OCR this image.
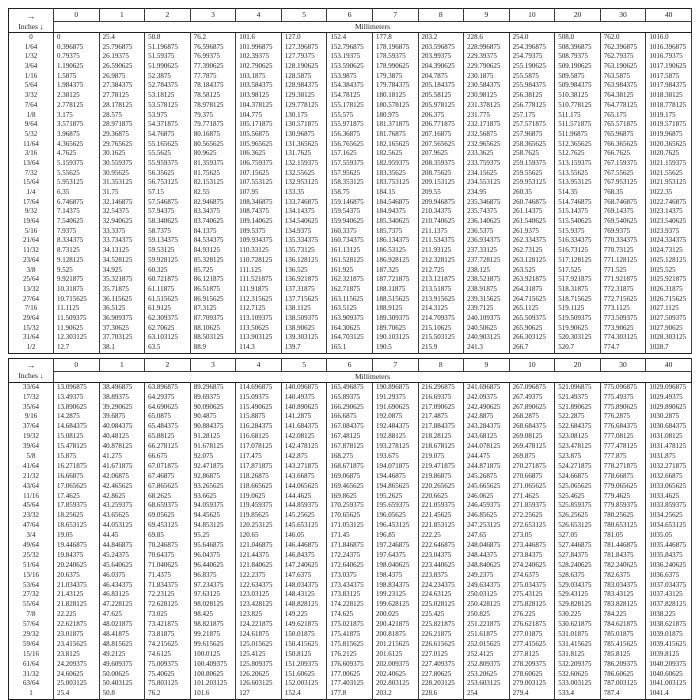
→
Inches ↓	0	1	2	3	4	5	6	7	8	9	10	20	30	40
	Millimeters													
0	0	25.4	50.8	76.2	101.6	127.0	152.4	177.8	203.2	228.6	254.0	508.0	762.0	1016.0
1/64	0.396875	25.796875	51.196875	76.596875	101.996875	127.396875	152.796875	178.196875	203.596875	228.996875	254.396875	508.396875	762.396875	1016.396875
1/32	0.79375	26.19375	51.59375	76.99375	102.39375	127.79375	153.19375	178.59375	203.99375	229.39375	254.79375	508.79375	762.79375	1016.79375
3/64	1.190625	26.590625	51.990625	77.390625	102.790625	128.190625	153.590625	178.990625	204.390625	229.790625	255.190625	509.190625	763.190625	1017.190625
1/16	1.5875	26.9875	52.3875	77.7875	103.1875	128.5875	153.9875	179.3875	204.7875	230.1875	255.5875	509.5875	763.5875	1017.5875
5/64	1.984375	27.384375	52.784375	78.184375	103.584375	128.984375	154.384375	179.784375	205.184375	230.584375	255.984375	509.984375	763.984375	1017.984375
3/32	2.38125	27.78125	53.18125	78.58125	103.98125	129.38125	154.78125	180.18125	205.58125	230.98125	256.38125	510.38125	764.38125	1018.38125
7/64	2.778125	28.178125	53.578125	78.978125	104.378125	129.778125	155.178125	180.578125	205.978125	231.378125	256.778125	510.778125	764.778125	1018.778125
1/8	3.175	28.575	53.975	79.375	104.775	130.175	155.575	180.975	206.375	231.775	257.175	511.175	765.175	1019.175
9/64	3.571875	28.971875	54.371875	79.771875	105.171875	130.571875	155.971875	181.371875	206.771875	232.171875	257.571875	511.571875	765.571875	1019.571875
5/32	3.96875	29.36875	54.76875	80.16875	105.56875	130.96875	156.36875	181.76875	207.16875	232.56875	257.96875	511.96875	765.96875	1019.96875
11/64	4.365625	29.765625	55.165625	80.565625	105.965625	131.365625	156.765625	182.165625	207.565625	232.965625	258.365625	512.365625	766.365625	1020.365625
3/16	4.7625	30.1625	55.5625	80.9625	106.3625	131.7625	157.1625	182.5625	207.9625	233.3625	258.7625	512.7625	766.7625	1020.7625
13/64	5.159375	30.559375	55.959375	81.359375	106.759375	132.159375	157.559375	182.959375	208.359375	233.759375	259.159375	513.159375	767.159375	1021.159375
7/32	5.55625	30.95625	56.35625	81.75625	107.15625	132.55625	157.95625	183.35625	208.75625	234.15625	259.55625	513.55625	767.55625	1021.55625
15/64	5.953125	31.353125	56.753125	82.153125	107.553125	132.953125	158.353125	183.753125	209.153125	234.553125	259.953125	513.953125	767.953125	1021.953125
1/4	6.35	31.75	57.15	82.55	107.95	133.35	158.75	184.15	209.55	234.95	260.35	514.35	768.35	1022.35
17/64	6.746875	32.146875	57.546875	82.946875	108.346875	133.746875	159.146875	184.546875	209.946875	235.346875	260.746875	514.746875	768.746875	1022.746875
9/32	7.14375	32.54375	57.94375	83.34375	108.74375	134.14375	159.54375	184.94375	210.34375	235.74375	261.14375	515.14375	769.14375	1023.14375
19/64	7.540625	32.940625	58.340625	83.740625	109.140625	134.540625	159.940625	185.340625	210.740625	236.140625	261.540625	515.540625	769.540625	1023.540625
5/16	7.9375	33.3375	58.7375	84.1375	109.5375	134.9375	160.3375	185.7375	211.1375	236.5375	261.9375	515.9375	769.9375	1023.9375
21/64	8.334375	33.734375	59.134375	84.534375	109.934375	135.334375	160.734375	186.134375	211.534375	236.934375	262.334375	516.334375	770.334375	1024.334375
11/32	8.73125	34.13125	59.53125	84.93125	110.33125	135.73125	161.13125	186.53125	211.93125	237.33125	262.73125	516.73125	770.73125	1024.73125
23/64	9.128125	34.528125	59.928125	85.328125	110.728125	136.128125	161.528125	186.928125	212.328125	237.728125	263.128125	517.128125	771.128125	1025.128125
3/8	9.525	34.925	60.325	85.725	111.125	136.525	161.925	187.325	212.725	238.125	263.525	517.525	771.525	1025.525
25/64	9.921875	35.321875	60.721875	86.121875	111.521875	136.921875	162.321875	187.721875	213.121875	238.521875	263.921875	517.921875	771.921875	1025.921875
13/32	10.31875	35.71875	61.11875	86.51875	111.91875	137.31875	162.71875	188.11875	213.51875	238.91875	264.31875	518.31875	772.31875	1026.31875
27/64	10.715625	36.115625	61.515625	86.915625	112.315625	137.715625	163.115625	188.515625	213.915625	239.315625	264.715625	518.715625	772.715625	1026.715625
7/16	11.1125	36.5125	61.9125	87.3125	112.7125	138.1125	163.5125	188.9125	214.3125	239.7125	265.1125	519.1125	773.1125	1027.1125
29/64	11.509375	36.909375	62.309375	87.709375	113.109375	138.509375	163.909375	189.309375	214.709375	240.109375	265.509375	519.509375	773.509375	1027.509375
15/32	11.90625	37.30625	62.70625	88.10625	113.50625	138.90625	164.30625	189.70625	215.10625	240.50625	265.90625	519.90625	773.90625	1027.90625
31/64	12.303125	37.703125	63.103125	88.503125	113.903125	139.303125	164.703125	190.103125	215.503125	240.903125	266.303125	520.303125	774.303125	1028.303125
1/2	12.7	38.1	63.5	88.9	114.3	139.7	165.1	190.5	215.9	241.3	266.7	520.7	774.7	1028.7
→
Inches ↓	0	1	2	3	4	5	6	7	8	9	10	20	30	40
	Millimeters													
33/64	13.096875	38.496875	63.896875	89.296875	114.696875	140.096875	165.496875	190.896875	216.296875	241.696875	267.096875	521.096875	775.096875	1029.096875
17/32	13.49375	38.89375	64.29375	89.69375	115.09375	140.49375	165.89375	191.29375	216.69375	242.09375	267.49375	521.49375	775.49375	1029.49375
35/64	13.890625	39.290625	64.690625	90.090625	115.490625	140.890625	166.290625	191.690625	217.090625	242.490625	267.890625	521.890625	775.890625	1029.890625
9/16	14.2875	39.6875	65.0875	90.4875	115.8875	141.2875	166.6875	192.0875	217.4875	242.8875	268.2875	522.2875	776.2875	1030.2875
37/64	14.684375	40.084375	65.484375	90.884375	116.284375	141.684375	167.084375	192.484375	217.884375	243.284375	268.684375	522.684375	776.684375	1030.684375
19/32	15.08125	40.48125	65.88125	91.28125	116.68125	142.08125	167.48125	192.88125	218.28125	243.68125	269.08125	523.08125	777.08125	1031.08125
39/64	15.478125	40.878125	66.278125	91.678125	117.078125	142.478125	167.878125	193.278125	218.678125	244.078125	269.478125	523.478125	777.478125	1031.478125
5/8	15.875	41.275	66.675	92.075	117.475	142.875	168.275	193.675	219.075	244.475	269.875	523.875	777.875	1031.875
41/64	16.271875	41.671875	67.071875	92.471875	117.871875	143.271875	168.671875	194.071875	219.471875	244.871875	270.271875	524.271875	778.271875	1032.271875
21/32	16.66875	42.06875	67.46875	92.86875	118.26875	143.66875	169.06875	194.46875	219.86875	245.26875	270.66875	524.66875	778.66875	1032.66875
43/64	17.065625	42.465625	67.865625	93.265625	118.665625	144.065625	169.465625	194.865625	220.265625	245.665625	271.065625	525.065625	779.065625	1033.065625
11/16	17.4625	42.8625	68.2625	93.6625	119.0625	144.4625	169.8625	195.2625	220.6625	246.0625	271.4625	525.4625	779.4625	1033.4625
45/64	17.859375	43.259375	68.659375	94.059375	119.459375	144.859375	170.259375	195.659375	221.059375	246.459375	271.859375	525.859375	779.859375	1033.859375
23/32	18.25625	43.65625	69.05625	94.45625	119.85625	145.25625	170.65625	196.05625	221.45625	246.85625	272.25625	526.25625	780.25625	1034.25625
47/64	18.653125	44.053125	69.453125	94.853125	120.253125	145.653125	171.053125	196.453125	221.853125	247.253125	272.653125	526.653125	780.653125	1034.653125
3/4	19.05	44.45	69.85	95.25	120.65	146.05	171.45	196.85	222.25	247.65	273.05	527.05	781.05	1035.05
49/64	19.446875	44.846875	70.246875	95.646875	121.046875	146.446875	171.846875	197.246875	222.646875	248.046875	273.446875	527.446875	781.446875	1035.446875
25/32	19.84375	45.24375	70.64375	96.04375	121.44375	146.84375	172.24375	197.64375	223.04375	248.44375	273.84375	527.84375	781.84375	1035.84375
51/64	20.240625	45.640625	71.040625	96.440625	121.840625	147.240625	172.640625	198.040625	223.440625	248.840625	274.240625	528.240625	782.240625	1036.240625
13/16	20.6375	46.0375	71.4375	96.8375	122.2375	147.6375	173.0375	198.4375	223.8375	249.2375	274.6375	528.6375	782.6375	1036.6375
53/64	21.034375	46.434375	71.834375	97.234375	122.634375	148.034375	173.434375	198.834375	224.234375	249.634375	275.034375	529.034375	783.034375	1037.034375
27/32	21.43125	46.83125	72.23125	97.63125	123.03125	148.43125	173.83125	199.23125	224.63125	250.03125	275.43125	529.43125	783.43125	1037.43125
55/64	21.828125	47.228125	72.628125	98.028125	123.428125	148.828125	174.228125	199.628125	225.028125	250.428125	275.828125	529.828125	783.828125	1037.828125
7/8	22.225	47.625	73.025	98.425	123.825	149.225	174.625	200.025	225.425	250.825	276.225	530.225	784.225	1038.225
57/64	22.621875	48.021875	73.421875	98.821875	124.221875	149.621875	175.021875	200.421875	225.821875	251.221875	276.621875	530.621875	784.621875	1038.621875
29/32	23.01875	48.41875	73.81875	99.21875	124.61875	150.01875	175.41875	200.81875	226.21875	251.61875	277.01875	531.01875	785.01875	1039.01875
59/64	23.415625	48.815625	74.215625	99.615625	125.015625	150.415625	175.815625	201.215625	226.615625	252.015625	277.415625	531.415625	785.415625	1039.415625
15/16	23.8125	49.2125	74.6125	100.0125	125.4125	150.8125	176.2125	201.6125	227.0125	252.4125	277.8125	531.8125	785.8125	1039.8125
61/64	24.209375	49.609375	75.009375	100.409375	125.809375	151.209375	176.609375	202.009375	227.409375	252.809375	278.209375	532.209375	786.209375	1040.209375
31/32	24.60625	50.00625	75.40625	100.80625	126.20625	151.60625	177.00625	202.40625	227.80625	253.20625	278.60625	532.60625	786.60625	1040.60625
63/64	25.003125	50.403125	75.803125	101.203125	126.603125	152.003125	177.403125	202.803125	228.203125	253.603125	279.003125	533.003125	787.003125	1041.003125
1	25.4	50.8	76.2	101.6	127	152.4	177.8	203.2	228.6	254	279.4	533.4	787.4	1041.4
